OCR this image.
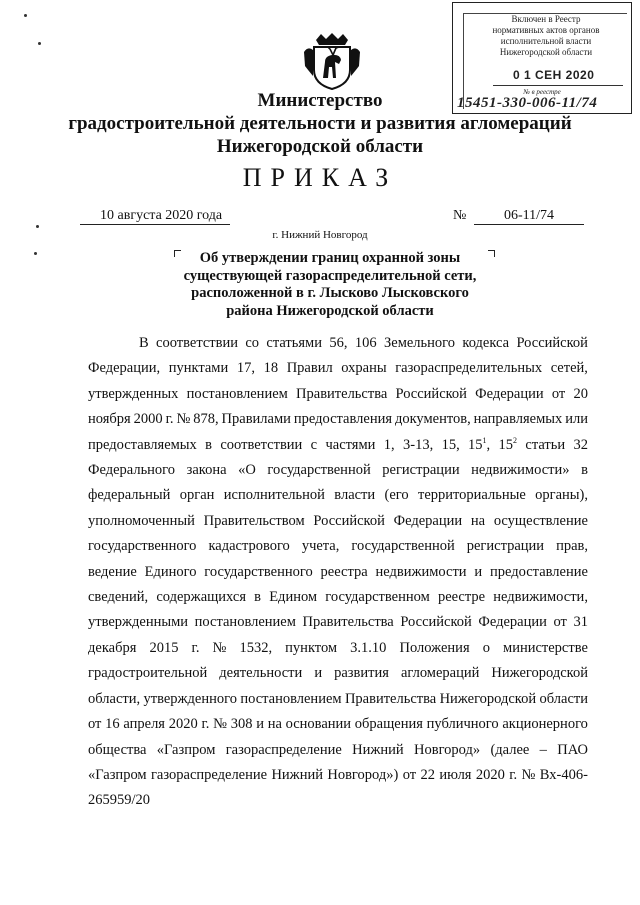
Включен в Реестр
нормативных актов органов
исполнительной власти
Нижегородской области
0 1 СЕН 2020
№ в реестре
15451-330-006-11/74
Министерство
градостроительной деятельности и развития агломераций
Нижегородской области
ПРИКАЗ
10 августа 2020 года	№	06-11/74
г. Нижний Новгород
Об утверждении границ охранной зоны
существующей газораспределительной сети,
расположенной в г. Лысково Лысковского
района Нижегородской области
В соответствии со статьями 56, 106 Земельного кодекса Российской
Федерации, пунктами 17, 18 Правил охраны газораспределительных сетей,
утвержденных постановлением Правительства Российской Федерации от 20
ноября 2000 г. № 878, Правилами предоставления документов, направляемых или
предоставляемых в соответствии с частями 1, 3-13, 15, $15^1$, $15^2$ статьи 32
Федерального закона «О государственной регистрации недвижимости» в
федеральный орган исполнительной власти (его территориальные органы),
уполномоченный Правительством Российской Федерации на осуществление
государственного кадастрового учета, государственной регистрации прав,
ведение Единого государственного реестра недвижимости и предоставление
сведений, содержащихся в Едином государственном реестре недвижимости,
утвержденными постановлением Правительства Российской Федерации от 31
декабря 2015 г. № 1532, пунктом 3.1.10 Положения о министерстве
градостроительной деятельности и развития агломераций Нижегородской
области, утвержденного постановлением Правительства Нижегородской области
от 16 апреля 2020 г. № 308 и на основании обращения публичного акционерного
общества «Газпром газораспределение Нижний Новгород» (далее – ПАО
«Газпром газораспределение Нижний Новгород») от 22 июля 2020 г. № Вх-406-
265959/20
